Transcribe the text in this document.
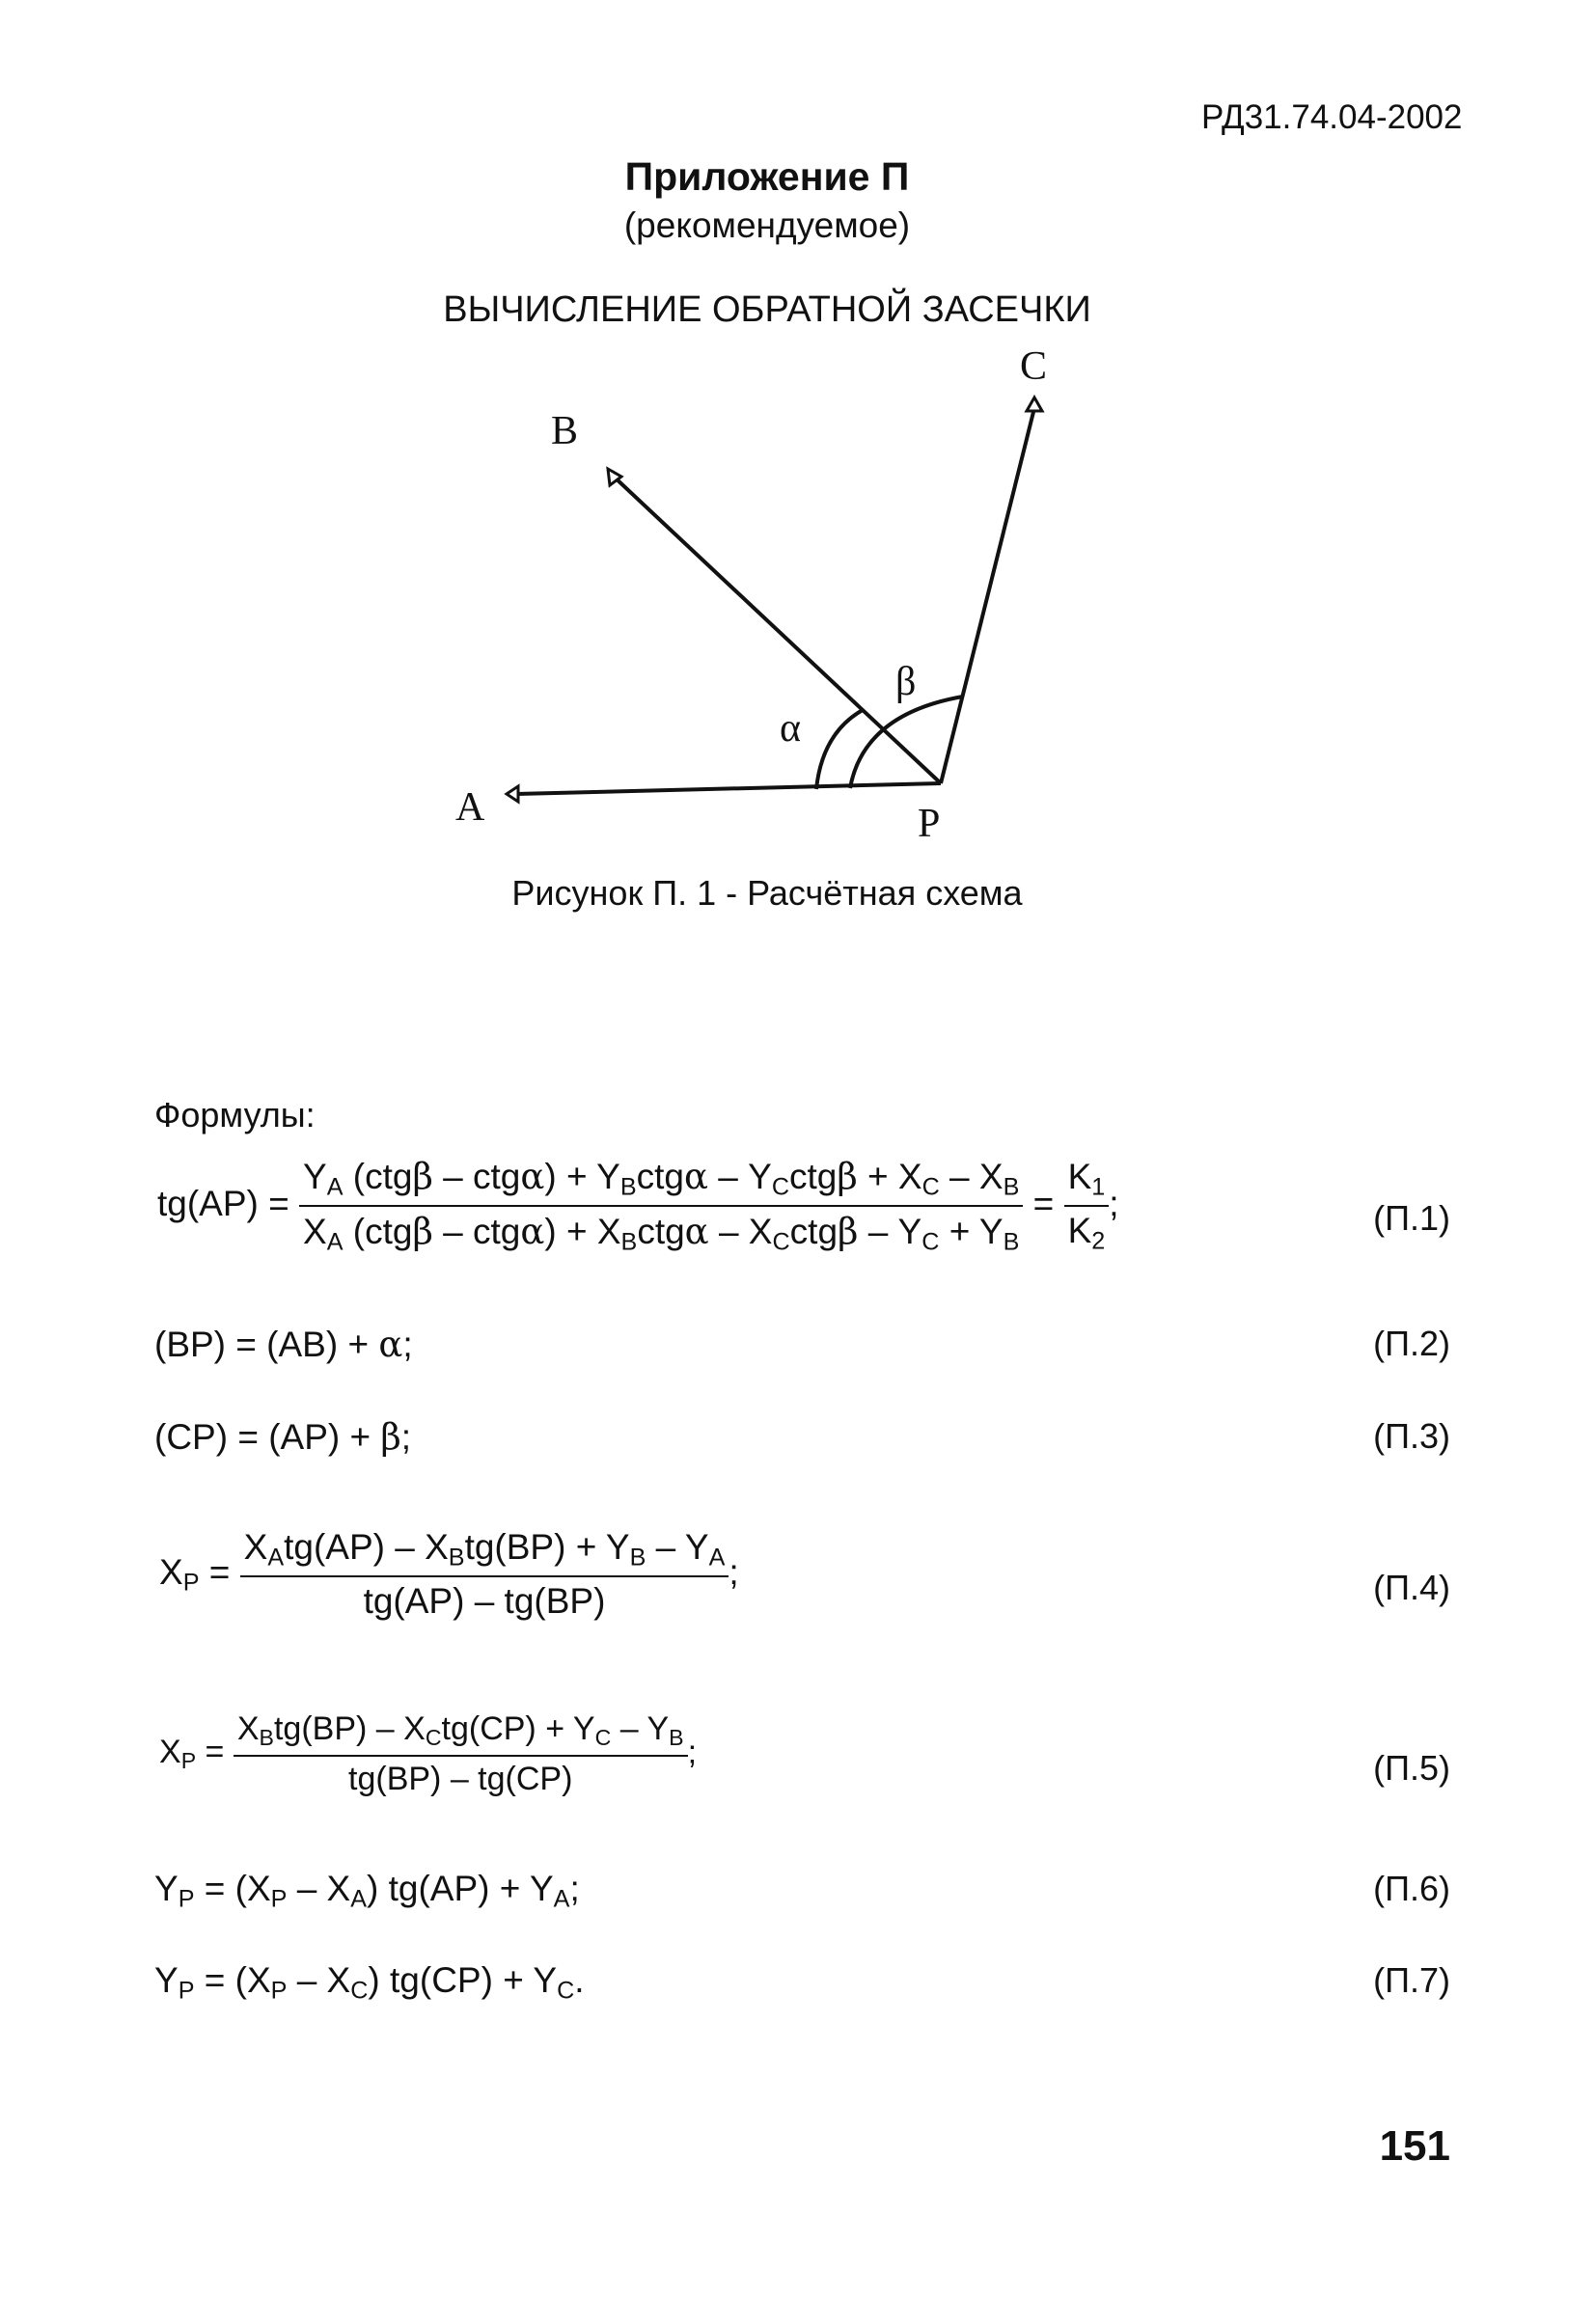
РД31.74.04-2002
Приложение П
(рекомендуемое)
ВЫЧИСЛЕНИЕ ОБРАТНОЙ ЗАСЕЧКИ
A
B
C
P
α
β
Рисунок П. 1 - Расчётная схема
Формулы:
$tg(AP) = \frac{Y_A (ctg\beta - ctg\alpha) + Y_Bctg\alpha - Y_Cctg\beta + X_C - X_B}{X_A (ctg\beta - ctg\alpha) + X_Bctg\alpha - X_Cctg\beta - Y_C + Y_B} = \frac{K_1}{K_2}$ ;	(П.1)
(BP) = (AB) + α;	(П.2)
(CP) = (AP) + β;	(П.3)
$X_P = \frac{X_Atg(AP) - X_Btg(BP) + Y_B - Y_A}{tg(AP) - tg(BP)}$ ;	(П.4)
$X_P = \frac{X_Btg(BP) - X_Ctg(CP) + Y_C - Y_B}{tg(BP) - tg(CP)}$ ;	(П.5)
$Y_P = (X_P - X_A) tg(AP) + Y_A$;	(П.6)
$Y_P = (X_P - X_C) tg(CP) + Y_C$.	(П.7)
151
